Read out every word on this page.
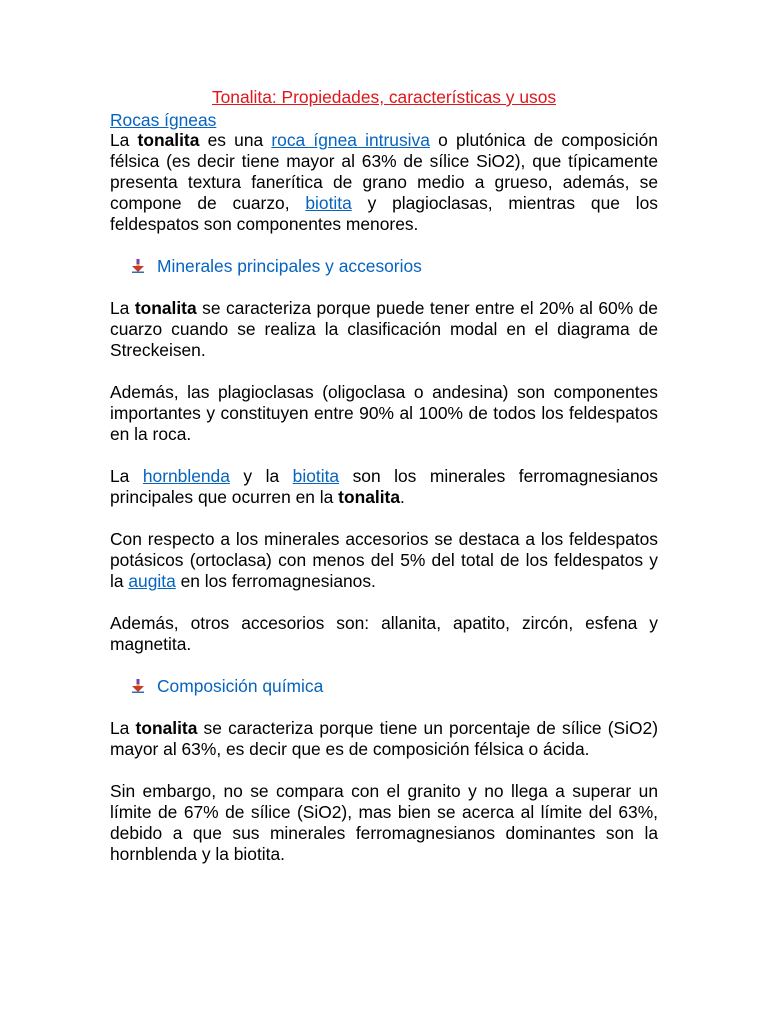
Tonalita: Propiedades, características y usos

Rocas ígneas

La tonalita es una roca ígnea intrusiva o plutónica de composición félsica (es decir tiene mayor al 63% de sílice SiO2), que típicamente presenta textura fanerítica de grano medio a grueso, además, se compone de cuarzo, biotita y plagioclasas, mientras que los feldespatos son componentes menores.

Minerales principales y accesorios

La tonalita se caracteriza porque puede tener entre el 20% al 60% de cuarzo cuando se realiza la clasificación modal en el diagrama de Streckeisen.

Además, las plagioclasas (oligoclasa o andesina) son componentes importantes y constituyen entre 90% al 100% de todos los feldespatos en la roca.

La hornblenda y la biotita son los minerales ferromagnesianos principales que ocurren en la tonalita.

Con respecto a los minerales accesorios se destaca a los feldespatos potásicos (ortoclasa) con menos del 5% del total de los feldespatos y la augita en los ferromagnesianos.

Además, otros accesorios son: allanita, apatito, zircón, esfena y magnetita.

Composición química

La tonalita se caracteriza porque tiene un porcentaje de sílice (SiO2) mayor al 63%, es decir que es de composición félsica o ácida.

Sin embargo, no se compara con el granito y no llega a superar un límite de 67% de sílice (SiO2), mas bien se acerca al límite del 63%, debido a que sus minerales ferromagnesianos dominantes son la hornblenda y la biotita.
